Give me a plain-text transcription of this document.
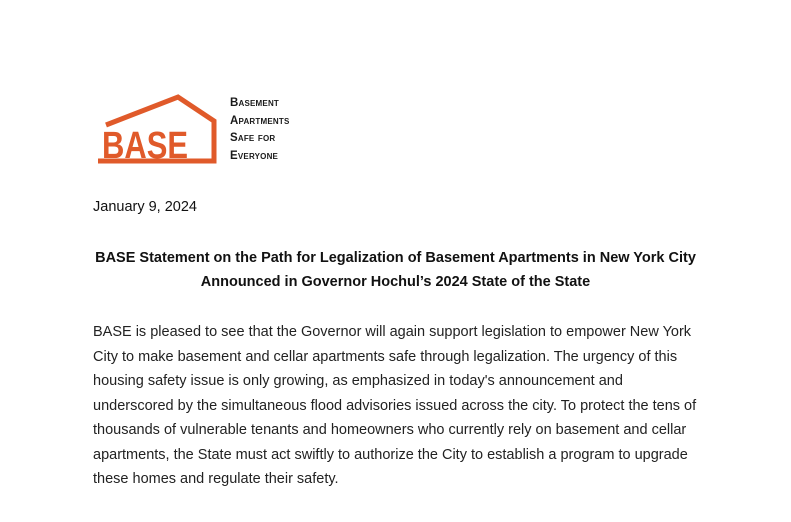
BASE
Basement
Apartments
Safe for
Everyone
January 9, 2024
BASE Statement on the Path for Legalization of Basement Apartments in New York City
Announced in Governor Hochul’s 2024 State of the State
BASE is pleased to see that the Governor will again support legislation to empower New York
City to make basement and cellar apartments safe through legalization. The urgency of this
housing safety issue is only growing, as emphasized in today's announcement and
underscored by the simultaneous flood advisories issued across the city. To protect the tens of
thousands of vulnerable tenants and homeowners who currently rely on basement and cellar
apartments, the State must act swiftly to authorize the City to establish a program to upgrade
these homes and regulate their safety.
